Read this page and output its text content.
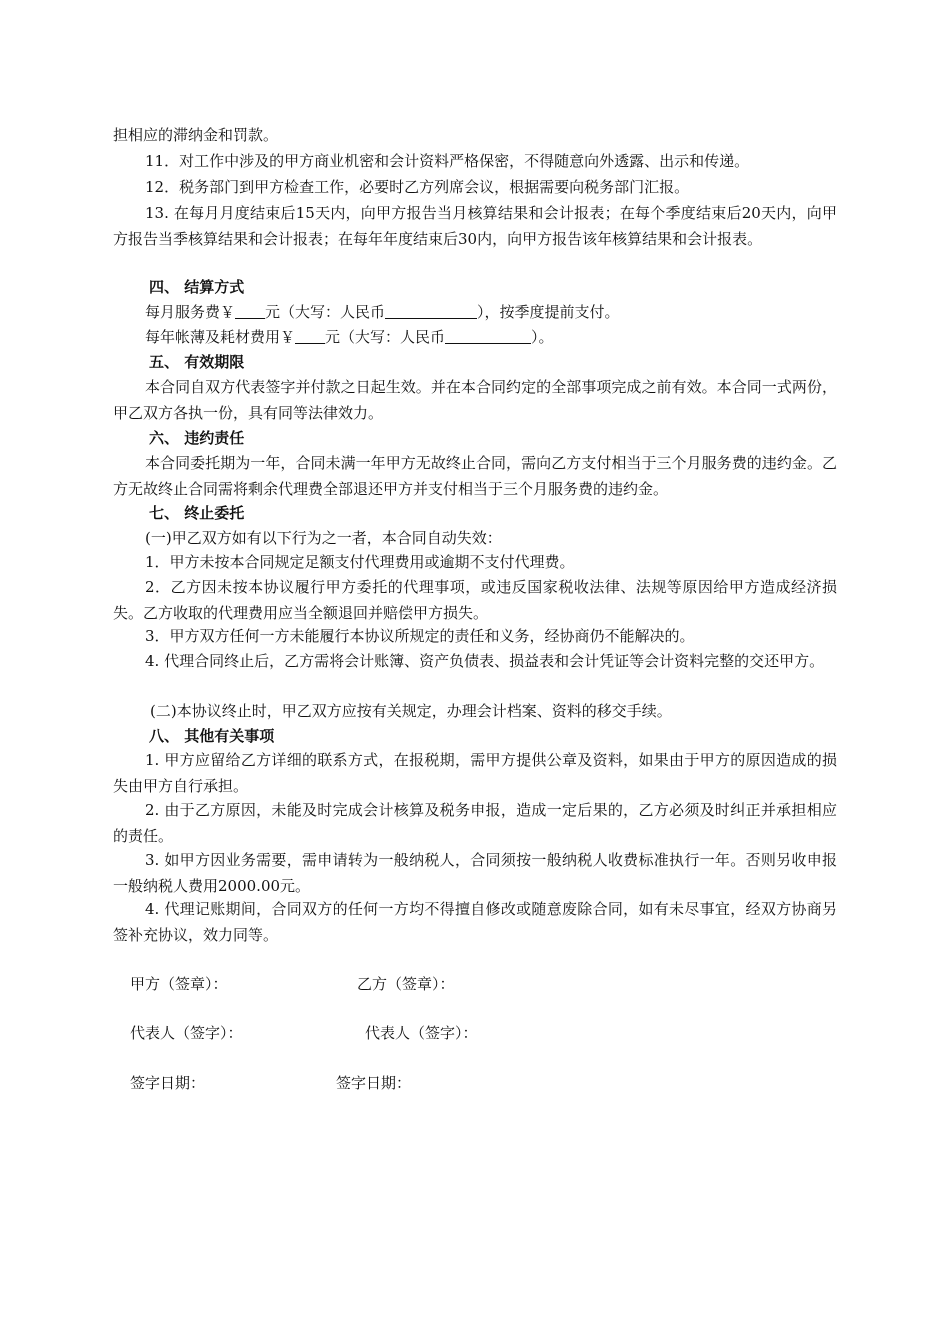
担相应的滞纳金和罚款。

11．对工作中涉及的甲方商业机密和会计资料严格保密，不得随意向外透露、出示和传递。

12．税务部门到甲方检查工作，必要时乙方列席会议，根据需要向税务部门汇报。

13. 在每月月度结束后15天内，向甲方报告当月核算结果和会计报表；在每个季度结束后20天内，向甲方报告当季核算结果和会计报表；在每年年度结束后30内，向甲方报告该年核算结果和会计报表。

四、 结算方式

每月服务费￥ 元（大写：人民币	），按季度提前支付。

每年帐薄及耗材费用￥ 元（大写：人民币	）。

五、 有效期限

本合同自双方代表签字并付款之日起生效。并在本合同约定的全部事项完成之前有效。本合同一式两份，甲乙双方各执一份，具有同等法律效力。

六、 违约责任

本合同委托期为一年，合同未满一年甲方无故终止合同，需向乙方支付相当于三个月服务费的违约金。乙方无故终止合同需将剩余代理费全部退还甲方并支付相当于三个月服务费的违约金。

七、 终止委托

(一)甲乙双方如有以下行为之一者，本合同自动失效：

1．甲方未按本合同规定足额支付代理费用或逾期不支付代理费。

2．乙方因未按本协议履行甲方委托的代理事项，或违反国家税收法律、法规等原因给甲方造成经济损失。乙方收取的代理费用应当全额退回并赔偿甲方损失。

3．甲方双方任何一方未能履行本协议所规定的责任和义务，经协商仍不能解决的。

4. 代理合同终止后，乙方需将会计账簿、资产负债表、损益表和会计凭证等会计资料完整的交还甲方。

(二)本协议终止时，甲乙双方应按有关规定，办理会计档案、资料的移交手续。

八、 其他有关事项

1. 甲方应留给乙方详细的联系方式，在报税期，需甲方提供公章及资料，如果由于甲方的原因造成的损失由甲方自行承担。

2. 由于乙方原因，未能及时完成会计核算及税务申报，造成一定后果的，乙方必须及时纠正并承担相应的责任。

3. 如甲方因业务需要，需申请转为一般纳税人，合同须按一般纳税人收费标准执行一年。否则另收申报一般纳税人费用2000.00元。

4. 代理记账期间，合同双方的任何一方均不得擅自修改或随意废除合同，如有未尽事宜，经双方协商另签补充协议，效力同等。

甲方（签章）：	乙方（签章）：
代表人（签字）：	代表人（签字）：
签字日期：	签字日期：
